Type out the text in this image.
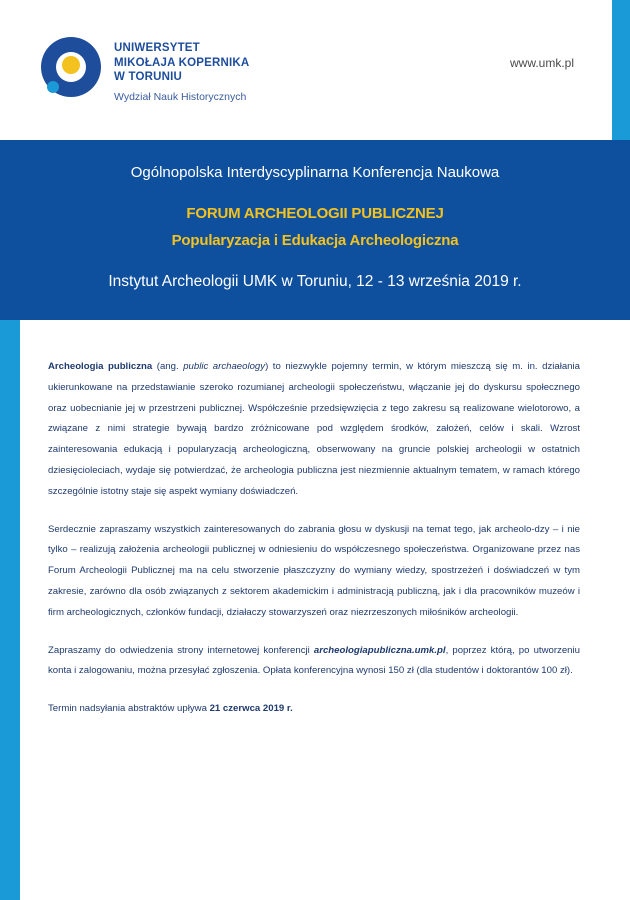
UNIWERSYTET
MIKOŁAJA KOPERNIKA
W TORUNIU
Wydział Nauk Historycznych
www.umk.pl
Ogólnopolska Interdyscyplinarna Konferencja Naukowa
FORUM ARCHEOLOGII PUBLICZNEJ
Popularyzacja i Edukacja Archeologiczna
Instytut Archeologii UMK w Toruniu, 12 - 13 września 2019 r.

Archeologia publiczna (ang. public archaeology) to niezwykle pojemny termin, w którym mieszczą się m. in. działania ukierunkowane na przedstawianie szeroko rozumianej archeologii społeczeństwu, włączanie jej do dyskursu społecznego oraz uobecnianie jej w przestrzeni publicznej. Współcześnie przedsięwzięcia z tego zakresu są realizowane wielotorowo, a związane z nimi strategie bywają bardzo zróżnicowane pod względem środków, założeń, celów i skali. Wzrost zainteresowania edukacją i popularyzacją archeologiczną, obserwowany na gruncie polskiej archeologii w ostatnich dziesięcioleciach, wydaje się potwierdzać, że archeologia publiczna jest niezmiennie aktualnym tematem, w ramach którego szczególnie istotny staje się aspekt wymiany doświadczeń.

Serdecznie zapraszamy wszystkich zainteresowanych do zabrania głosu w dyskusji na temat tego, jak archeolo-dzy – i nie tylko – realizują założenia archeologii publicznej w odniesieniu do współczesnego społeczeństwa. Organizowane przez nas Forum Archeologii Publicznej ma na celu stworzenie płaszczyzny do wymiany wiedzy, spostrzeżeń i doświadczeń w tym zakresie, zarówno dla osób związanych z sektorem akademickim i administracją publiczną, jak i dla pracowników muzeów i firm archeologicznych, członków fundacji, działaczy stowarzyszeń oraz niezrzeszonych miłośników archeologii.

Zapraszamy do odwiedzenia strony internetowej konferencji archeologiapubliczna.umk.pl, poprzez którą, po utworzeniu konta i zalogowaniu, można przesyłać zgłoszenia. Opłata konferencyjna wynosi 150 zł (dla studentów i doktorantów 100 zł).

Termin nadsyłania abstraktów upływa 21 czerwca 2019 r.
